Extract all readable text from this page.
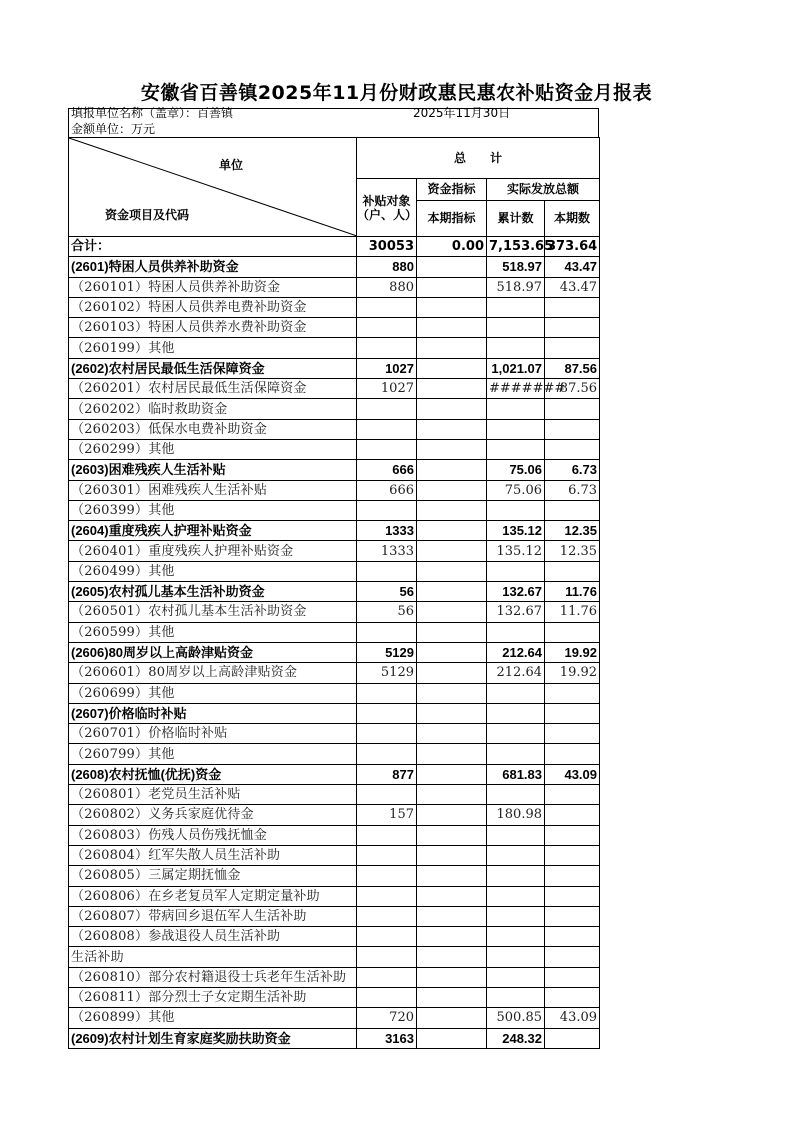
安徽省百善镇2025年11月份财政惠民惠农补贴资金月报表
填报单位名称（盖章）：百善镇	2025年11月30日
金额单位：万元
单位
资金项目及代码	总　　计			
	补贴对象（户、人）	资金指标	实际发放总额	
		本期指标	累计数	本期数
合计：	30053	0.00	7,153.65	373.64
(2601)特困人员供养补助资金	880		518.97	43.47
（260101）特困人员供养补助资金	880		518.97	43.47
（260102）特困人员供养电费补助资金				
（260103）特困人员供养水费补助资金				
（260199）其他				
(2602)农村居民最低生活保障资金	1027		1,021.07	87.56
（260201）农村居民最低生活保障资金	1027		#######	87.56
（260202）临时救助资金				
（260203）低保水电费补助资金				
（260299）其他				
(2603)困难残疾人生活补贴	666		75.06	6.73
（260301）困难残疾人生活补贴	666		75.06	6.73
（260399）其他				
(2604)重度残疾人护理补贴资金	1333		135.12	12.35
（260401）重度残疾人护理补贴资金	1333		135.12	12.35
（260499）其他				
(2605)农村孤儿基本生活补助资金	56		132.67	11.76
（260501）农村孤儿基本生活补助资金	56		132.67	11.76
（260599）其他				
(2606)80周岁以上高龄津贴资金	5129		212.64	19.92
（260601）80周岁以上高龄津贴资金	5129		212.64	19.92
（260699）其他				
(2607)价格临时补贴				
（260701）价格临时补贴				
（260799）其他				
(2608)农村抚恤(优抚)资金	877		681.83	43.09
（260801）老党员生活补贴				
（260802）义务兵家庭优待金	157		180.98	
（260803）伤残人员伤残抚恤金				
（260804）红军失散人员生活补助				
（260805）三属定期抚恤金				
（260806）在乡老复员军人定期定量补助				
（260807）带病回乡退伍军人生活补助				
（260808）参战退役人员生活补助				
生活补助				
（260810）部分农村籍退役士兵老年生活补助				
（260811）部分烈士子女定期生活补助				
（260899）其他	720		500.85	43.09
(2609)农村计划生育家庭奖励扶助资金	3163		248.32	
